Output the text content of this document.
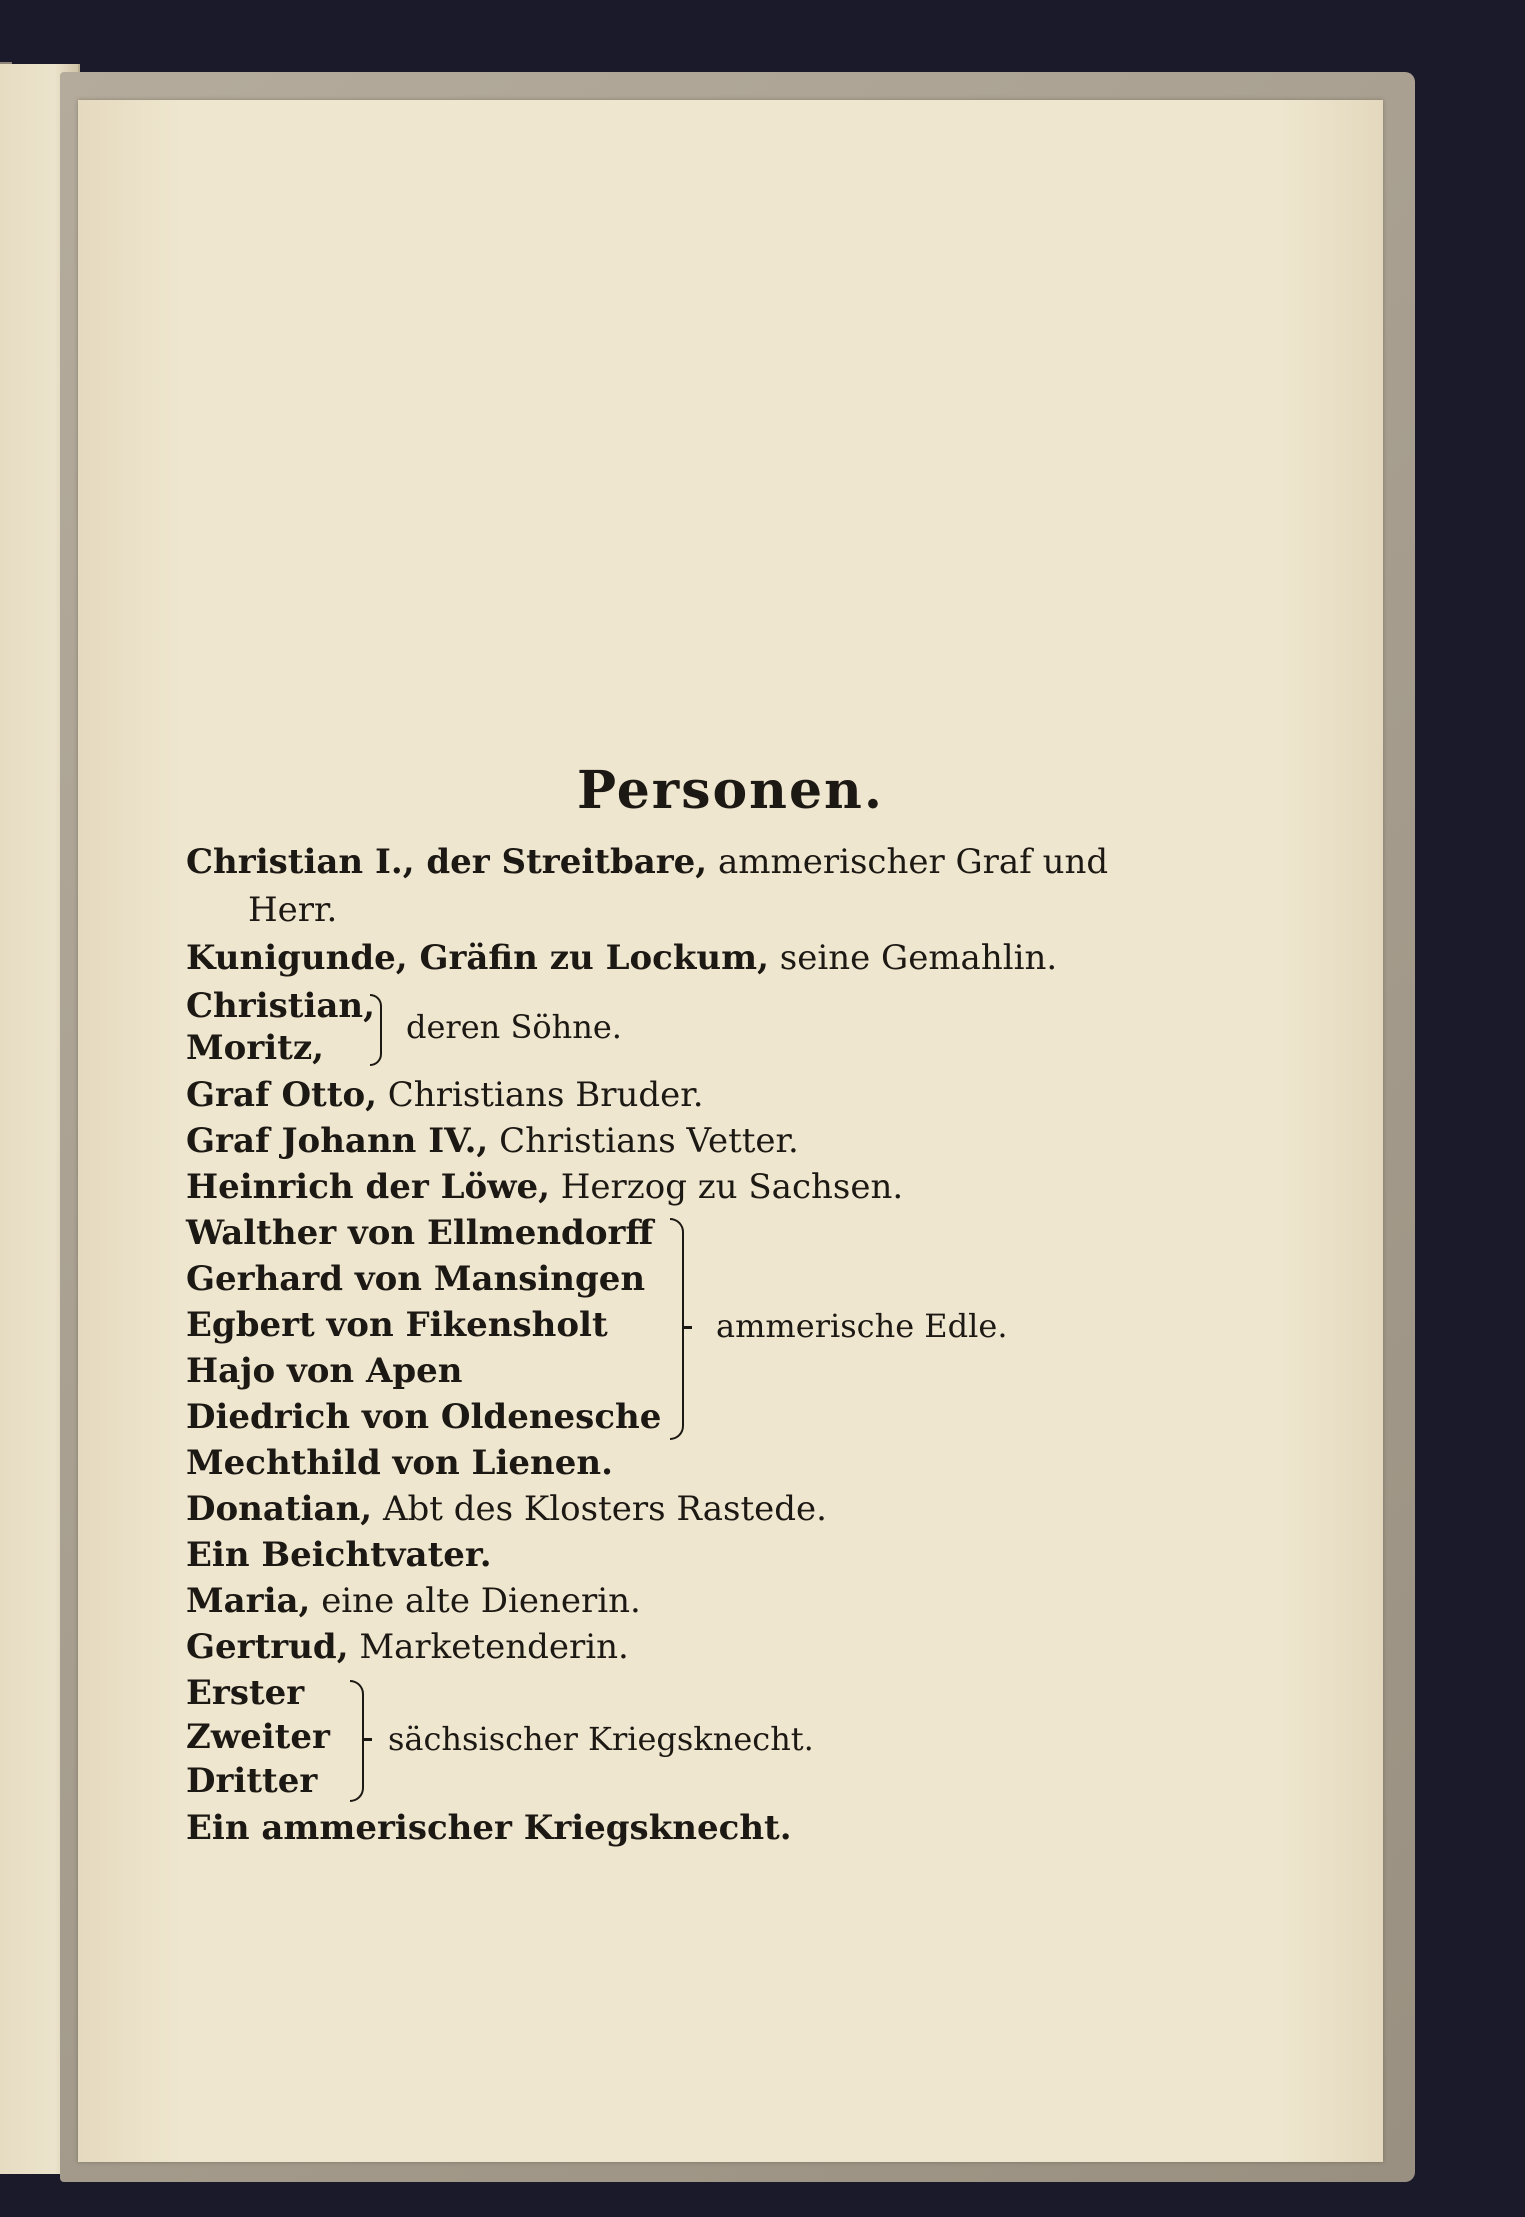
Personen.
Christian I., der Streitbare, ammerischer Graf und
Herr.
Kunigunde, Gräfin zu Lockum, seine Gemahlin.
Christian,
Moritz,
deren Söhne.
Graf Otto, Christians Bruder.
Graf Johann IV., Christians Vetter.
Heinrich der Löwe, Herzog zu Sachsen.
Walther von Ellmendorff
Gerhard von Mansingen
Egbert von Fikensholt
Hajo von Apen
Diedrich von Oldenesche
ammerische Edle.
Mechthild von Lienen.
Donatian, Abt des Klosters Rastede.
Ein Beichtvater.
Maria, eine alte Dienerin.
Gertrud, Marketenderin.
Erster
Zweiter
Dritter
sächsischer Kriegsknecht.
Ein ammerischer Kriegsknecht.
